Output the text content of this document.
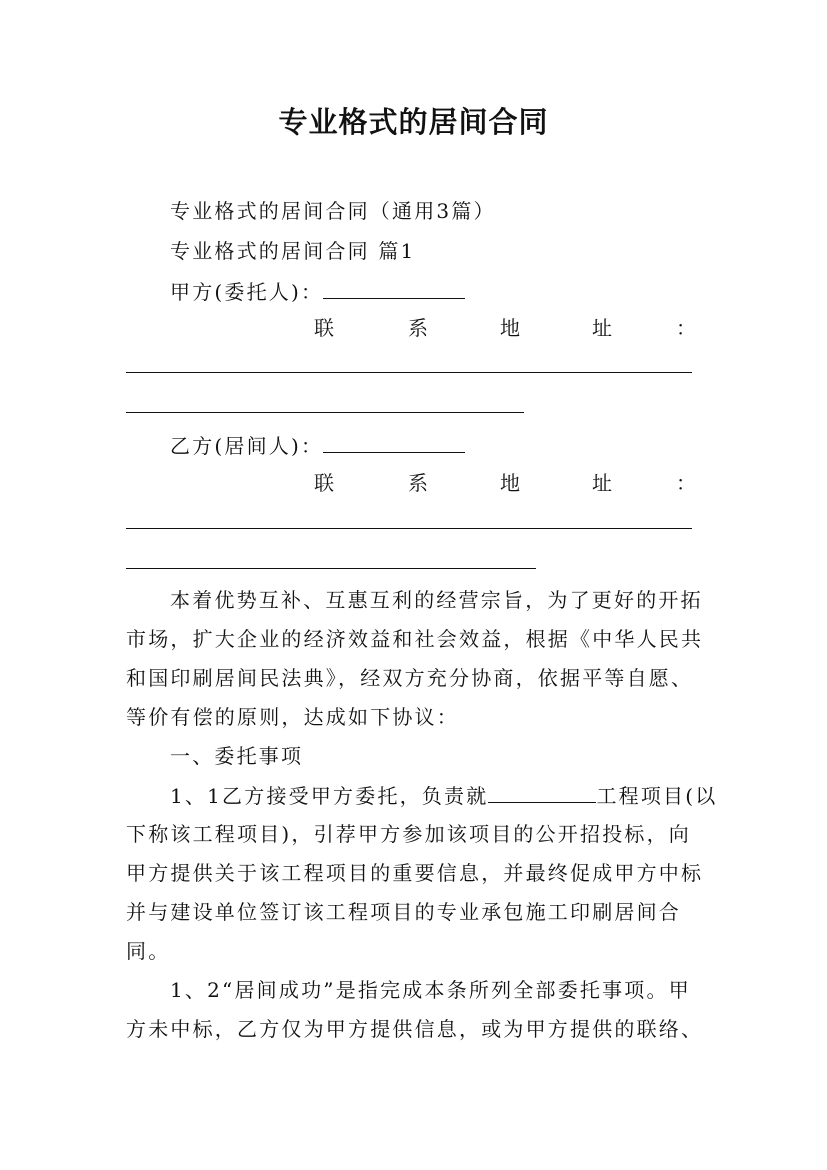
专业格式的居间合同
专业格式的居间合同（通用3篇）
专业格式的居间合同 篇1
甲方(委托人)：
联	系	地	址	：
乙方(居间人)：
联	系	地	址	：
本着优势互补、互惠互利的经营宗旨，为了更好的开拓
市场，扩大企业的经济效益和社会效益，根据《中华人民共
和国印刷居间民法典》，经双方充分协商，依据平等自愿、
等价有偿的原则，达成如下协议：
一、委托事项
1、1乙方接受甲方委托，负责就	工程项目(以
下称该工程项目)，引荐甲方参加该项目的公开招投标，向
甲方提供关于该工程项目的重要信息，并最终促成甲方中标
并与建设单位签订该工程项目的专业承包施工印刷居间合
同。
1、2“居间成功”是指完成本条所列全部委托事项。甲
方未中标，乙方仅为甲方提供信息，或为甲方提供的联络、
